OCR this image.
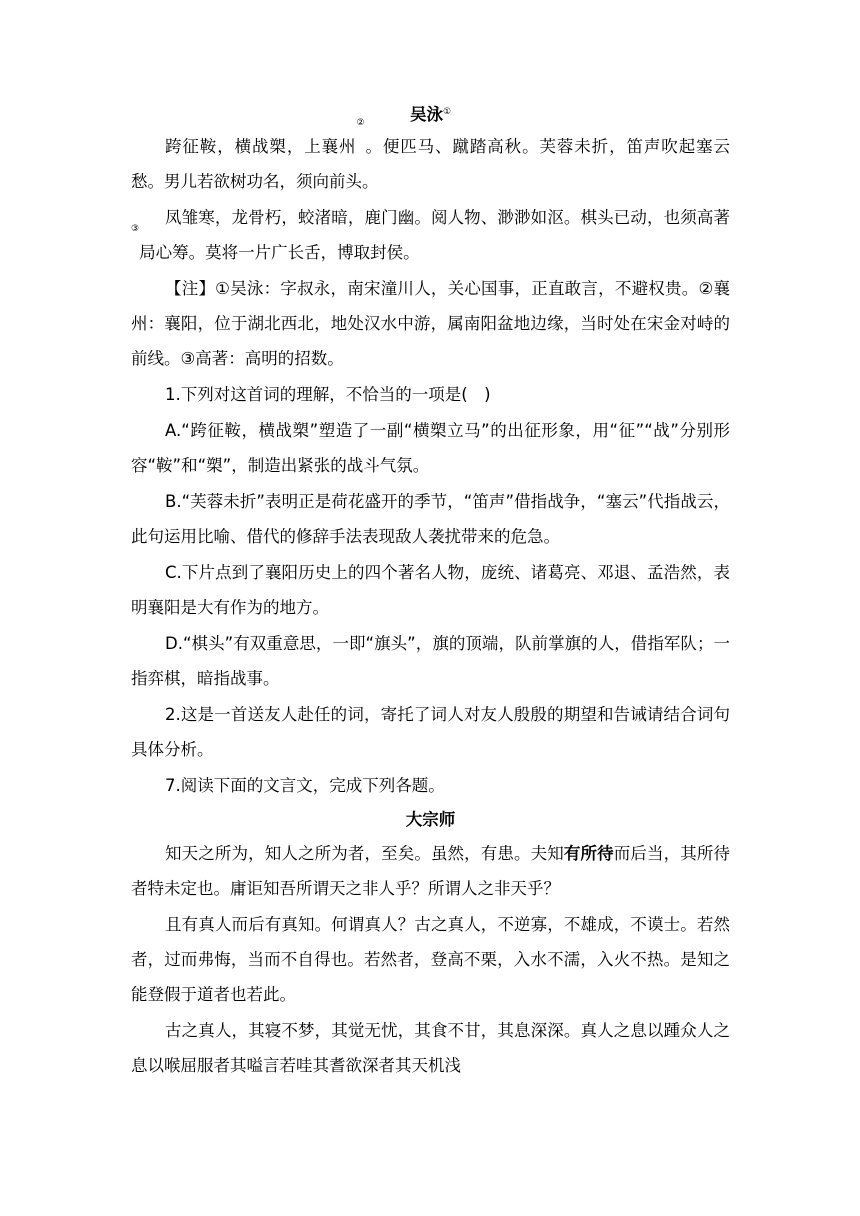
吴泳①

跨征鞍，横战槊，上襄州②。便匹马、蹴踏高秋。芙蓉未折，笛声吹起塞云愁。男儿若欲树功名，须向前头。

凤雏寒，龙骨朽，蛟渚暗，鹿门幽。阅人物、渺渺如沤。棋头已动，也须高著③局心筹。莫将一片广长舌，博取封侯。

【注】①吴泳：字叔永，南宋潼川人，关心国事，正直敢言，不避权贵。②襄州：襄阳，位于湖北西北，地处汉水中游，属南阳盆地边缘，当时处在宋金对峙的前线。③高著：高明的招数。

1.下列对这首词的理解，不恰当的一项是(　)

A.“跨征鞍，横战槊”塑造了一副“横槊立马”的出征形象，用“征”“战”分别形容“鞍”和“槊”，制造出紧张的战斗气氛。

B.“芙蓉未折”表明正是荷花盛开的季节，“笛声”借指战争，“塞云”代指战云，此句运用比喻、借代的修辞手法表现敌人袭扰带来的危急。

C.下片点到了襄阳历史上的四个著名人物，庞统、诸葛亮、邓退、孟浩然，表明襄阳是大有作为的地方。

D.“棋头”有双重意思，一即“旗头”，旗的顶端，队前掌旗的人，借指军队；一指弈棋，暗指战事。

2.这是一首送友人赴任的词，寄托了词人对友人殷殷的期望和告诫请结合词句具体分析。

7.阅读下面的文言文，完成下列各题。

大宗师

知天之所为，知人之所为者，至矣。虽然，有患。夫知有所待而后当，其所待者特未定也。庸讵知吾所谓天之非人乎？所谓人之非天乎？

且有真人而后有真知。何谓真人？古之真人，不逆寡，不雄成，不谟士。若然者，过而弗悔，当而不自得也。若然者，登高不栗，入水不濡，入火不热。是知之能登假于道者也若此。

古之真人，其寝不梦，其觉无忧，其食不甘，其息深深。真人之息以踵众人之息以喉屈服者其嗌言若哇其耆欲深者其天机浅
